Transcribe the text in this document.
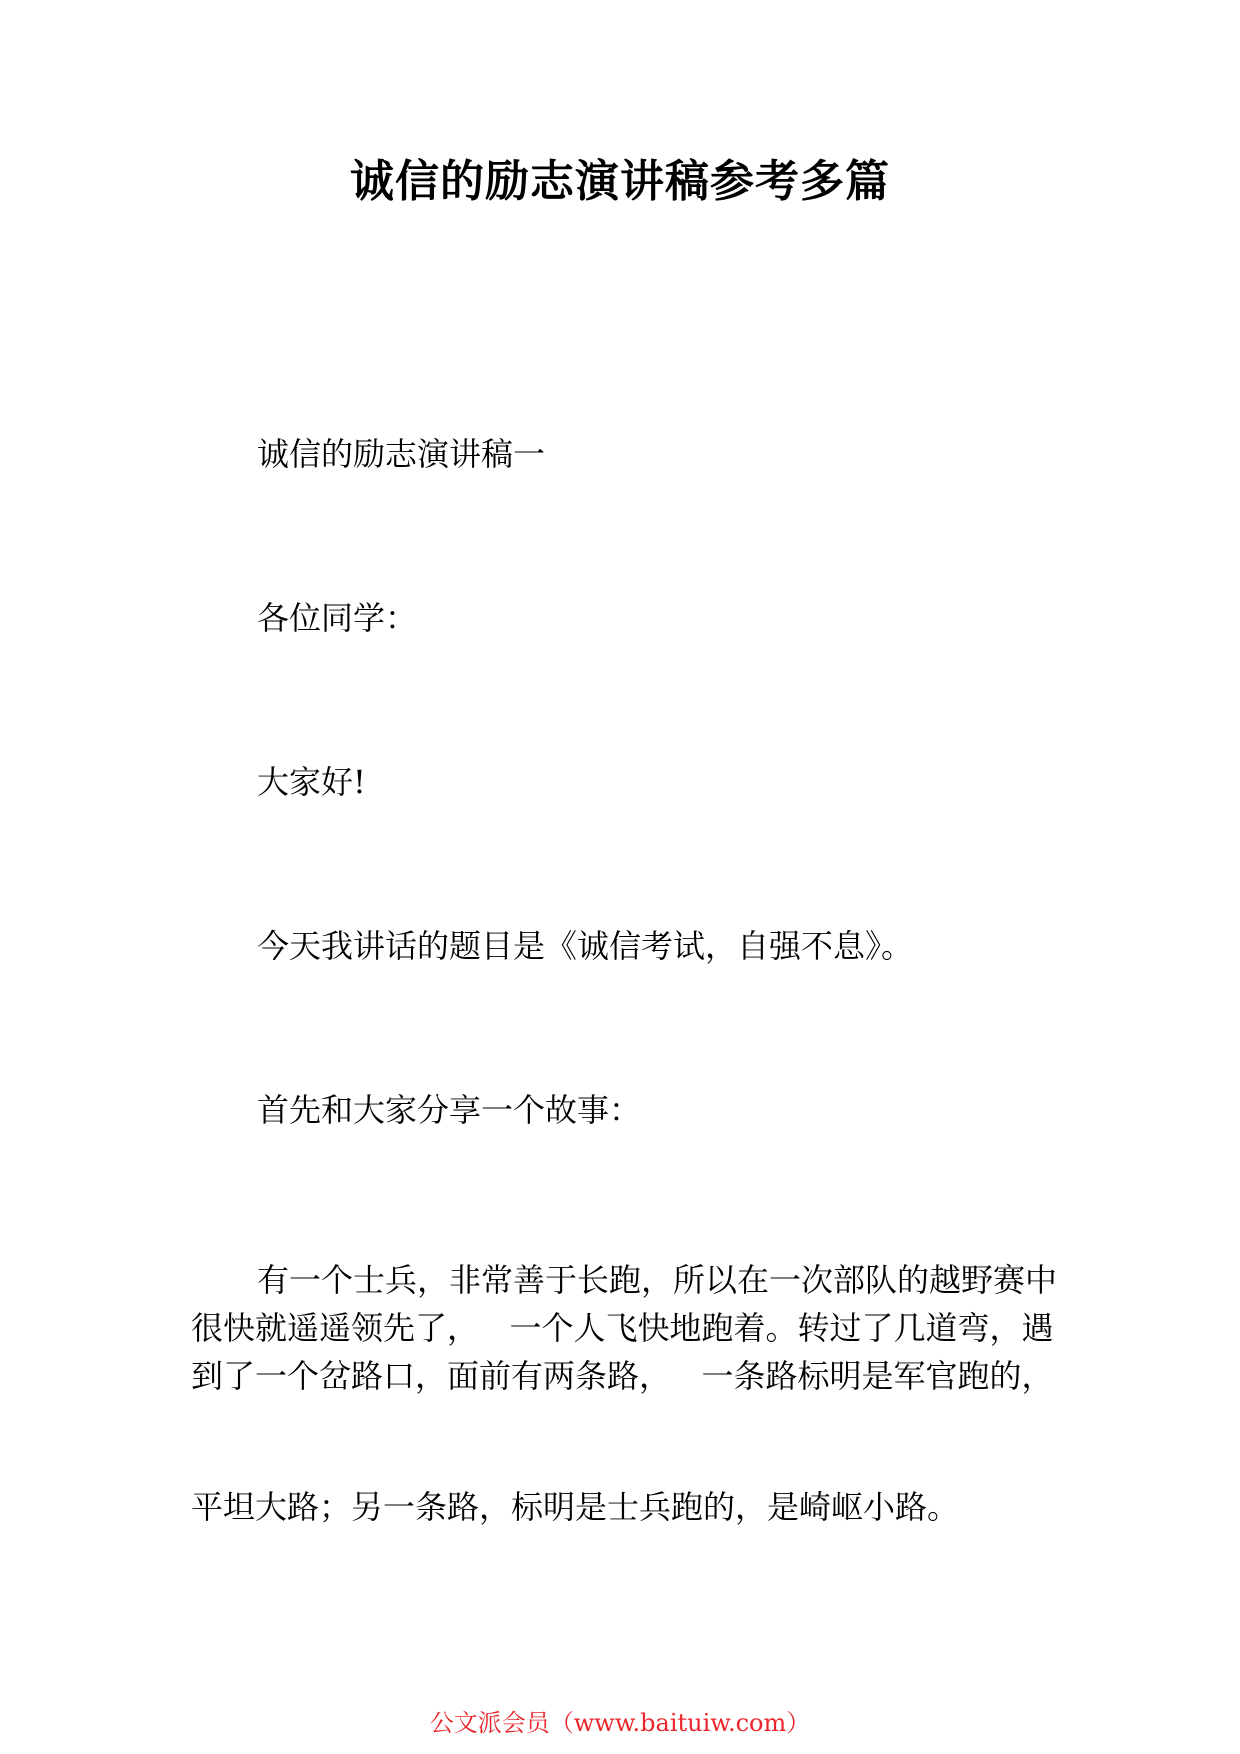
诚信的励志演讲稿参考多篇

诚信的励志演讲稿一

各位同学：

大家好!

今天我讲话的题目是《诚信考试，自强不息》。

首先和大家分享一个故事：

有一个士兵，非常善于长跑，所以在一次部队的越野赛中很快就遥遥领先了，   一个人飞快地跑着。转过了几道弯，遇到了一个岔路口，面前有两条路，   一条路标明是军官跑的，

平坦大路；另一条路，标明是士兵跑的，是崎岖小路。

公文派会员（www.baituiw.com）
